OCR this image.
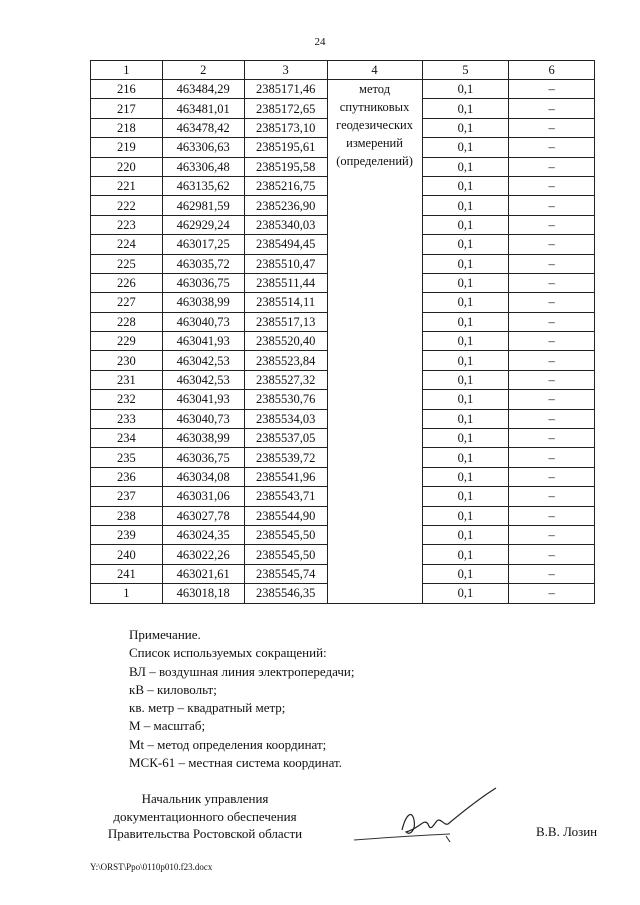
24
1	2	3	4	5	6
216	463484,29	2385171,46	метод
спутниковых
геодезических
измерений
(определений)	0,1	–
217	463481,01	2385172,65		0,1	–
218	463478,42	2385173,10		0,1	–
219	463306,63	2385195,61		0,1	–
220	463306,48	2385195,58		0,1	–
221	463135,62	2385216,75		0,1	–
222	462981,59	2385236,90		0,1	–
223	462929,24	2385340,03		0,1	–
224	463017,25	2385494,45		0,1	–
225	463035,72	2385510,47		0,1	–
226	463036,75	2385511,44		0,1	–
227	463038,99	2385514,11		0,1	–
228	463040,73	2385517,13		0,1	–
229	463041,93	2385520,40		0,1	–
230	463042,53	2385523,84		0,1	–
231	463042,53	2385527,32		0,1	–
232	463041,93	2385530,76		0,1	–
233	463040,73	2385534,03		0,1	–
234	463038,99	2385537,05		0,1	–
235	463036,75	2385539,72		0,1	–
236	463034,08	2385541,96		0,1	–
237	463031,06	2385543,71		0,1	–
238	463027,78	2385544,90		0,1	–
239	463024,35	2385545,50		0,1	–
240	463022,26	2385545,50		0,1	–
241	463021,61	2385545,74		0,1	–
1	463018,18	2385546,35		0,1	–
Примечание.
Список используемых сокращений:
ВЛ – воздушная линия электропередачи;
кВ – киловольт;
кв. метр – квадратный метр;
М – масштаб;
Mt – метод определения координат;
МСК-61 – местная система координат.
Начальник управления
документационного обеспечения
Правительства Ростовской области	В.В. Лозин
Y:\ORST\Ppo\0110p010.f23.docx
